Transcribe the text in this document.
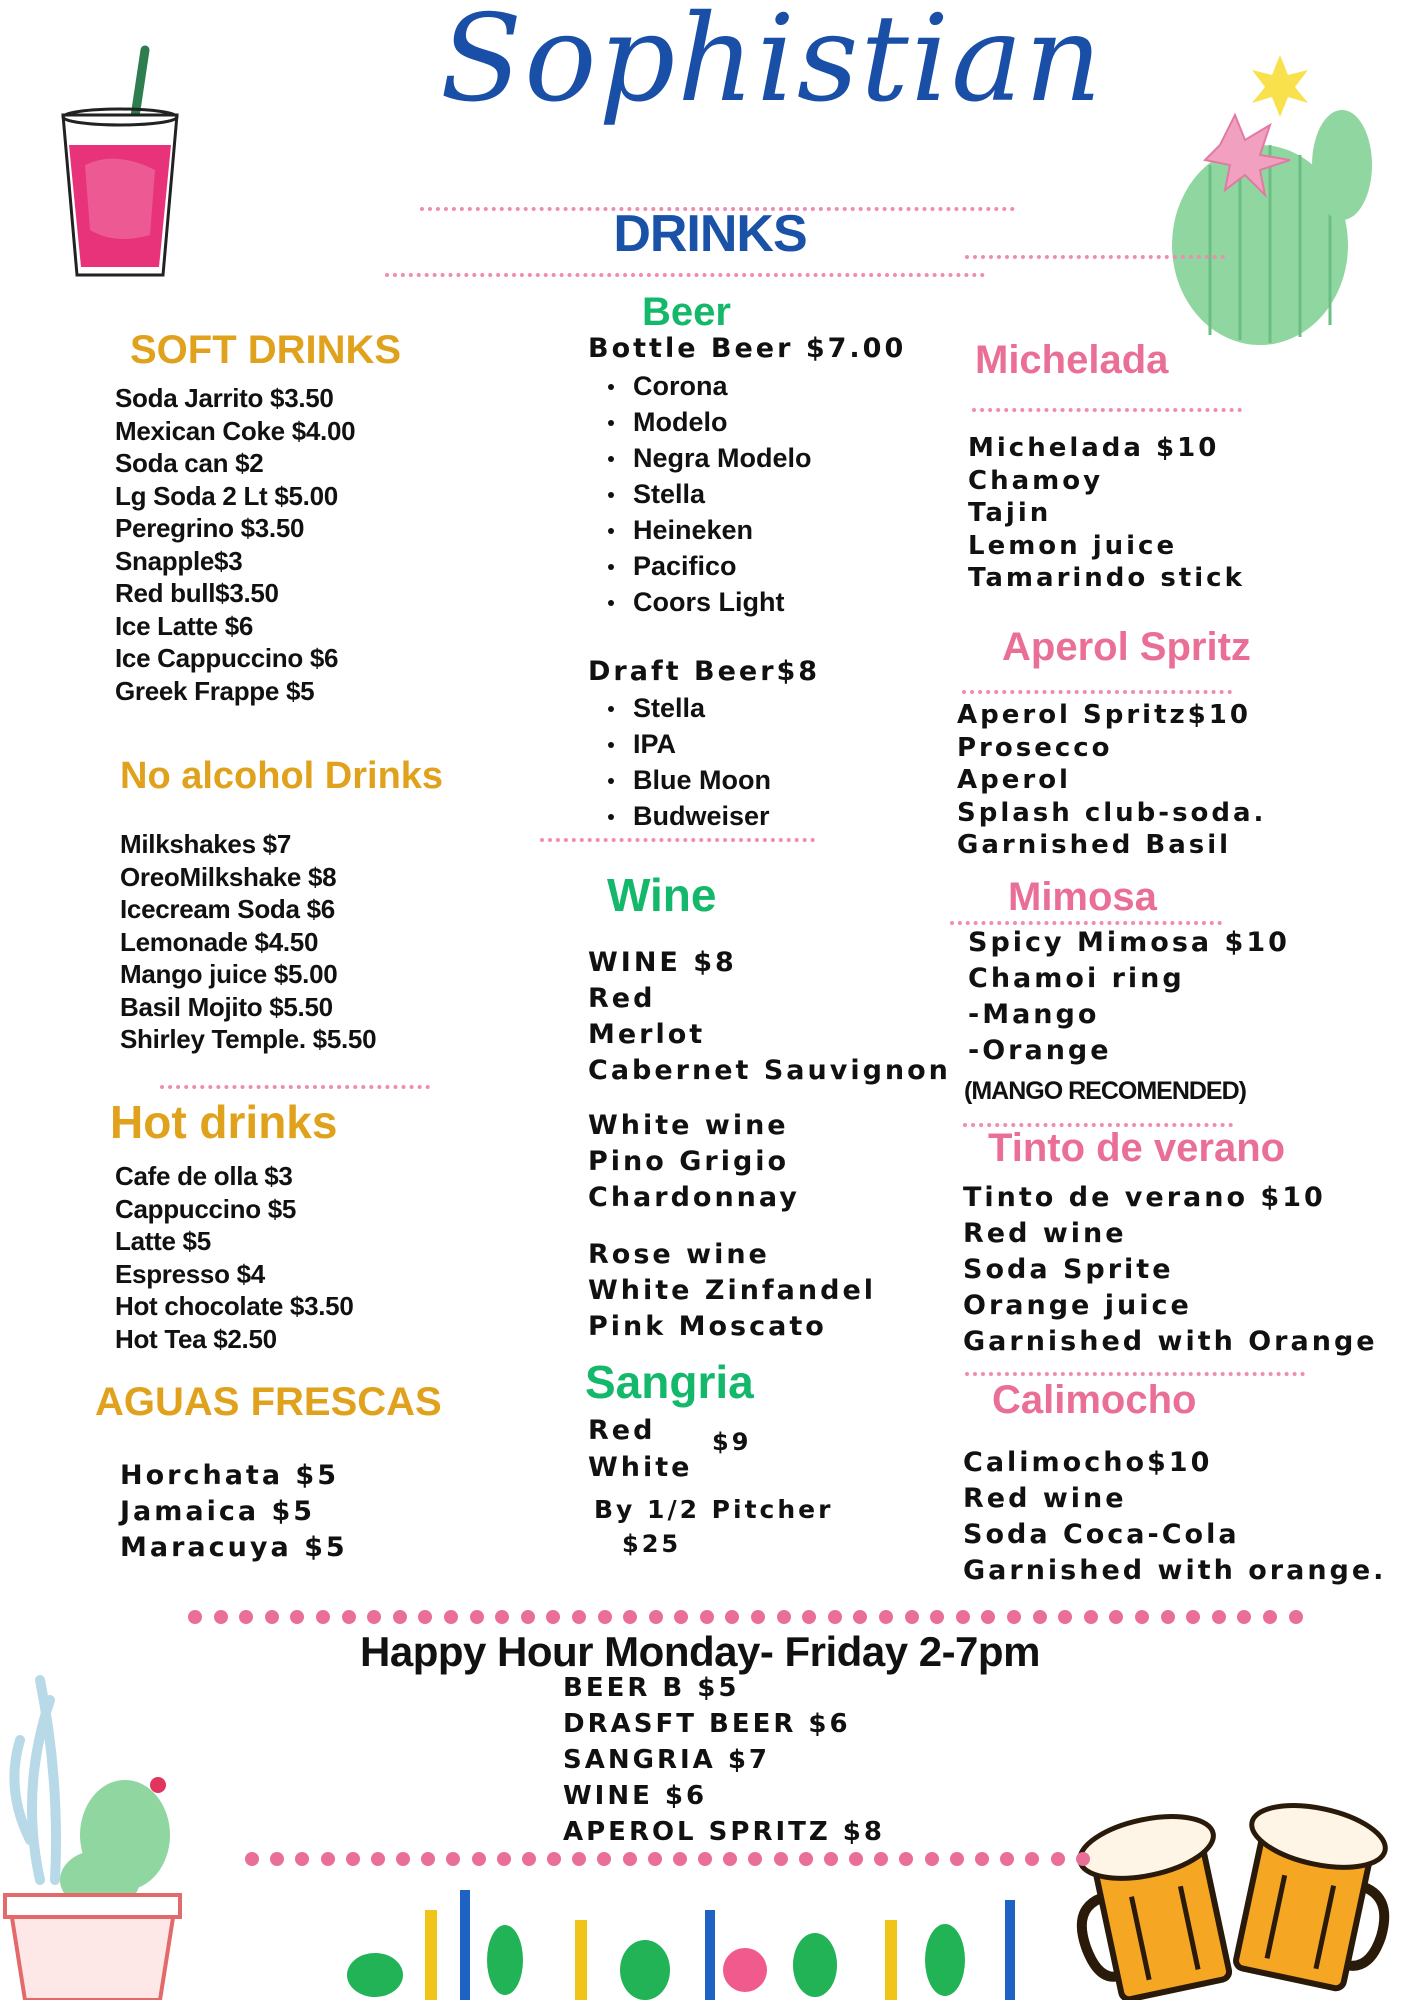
Sophistian
DRINKS
SOFT DRINKS
Soda Jarrito $3.50
Mexican Coke $4.00
Soda can $2
Lg Soda 2 Lt $5.00
Peregrino $3.50
Snapple$3
Red bull$3.50
Ice Latte $6
Ice Cappuccino $6
Greek Frappe $5
No alcohol Drinks
Milkshakes $7
OreoMilkshake $8
Icecream Soda $6
Lemonade $4.50
Mango juice $5.00
Basil Mojito $5.50
Shirley Temple. $5.50
Hot drinks
Cafe de olla $3
Cappuccino $5
Latte $5
Espresso $4
Hot chocolate $3.50
Hot Tea $2.50
AGUAS FRESCAS
Horchata $5
Jamaica $5
Maracuya $5
Beer
Bottle Beer $7.00
Corona
Modelo
Negra Modelo
Stella
Heineken
Pacifico
Coors Light
Draft Beer$8
Stella
IPA
Blue Moon
Budweiser
Wine
WINE $8
Red
Merlot
Cabernet Sauvignon
White wine
Pino Grigio
Chardonnay
Rose wine
White Zinfandel
Pink Moscato
Sangria
Red
White
$9
By 1/2 Pitcher
$25
Michelada
Michelada $10
Chamoy
Tajin
Lemon juice
Tamarindo stick
Aperol Spritz
Aperol Spritz$10
Prosecco
Aperol
Splash club-soda.
Garnished Basil
Mimosa
Spicy Mimosa $10
Chamoi ring
-Mango
-Orange
(MANGO RECOMENDED)
Tinto de verano
Tinto de verano $10
Red wine
Soda Sprite
Orange juice
Garnished with Orange
Calimocho
Calimocho$10
Red wine
Soda Coca-Cola
Garnished with orange.
Happy Hour Monday- Friday 2-7pm
BEER B $5
DRASFT BEER $6
SANGRIA $7
WINE $6
APEROL SPRITZ $8
